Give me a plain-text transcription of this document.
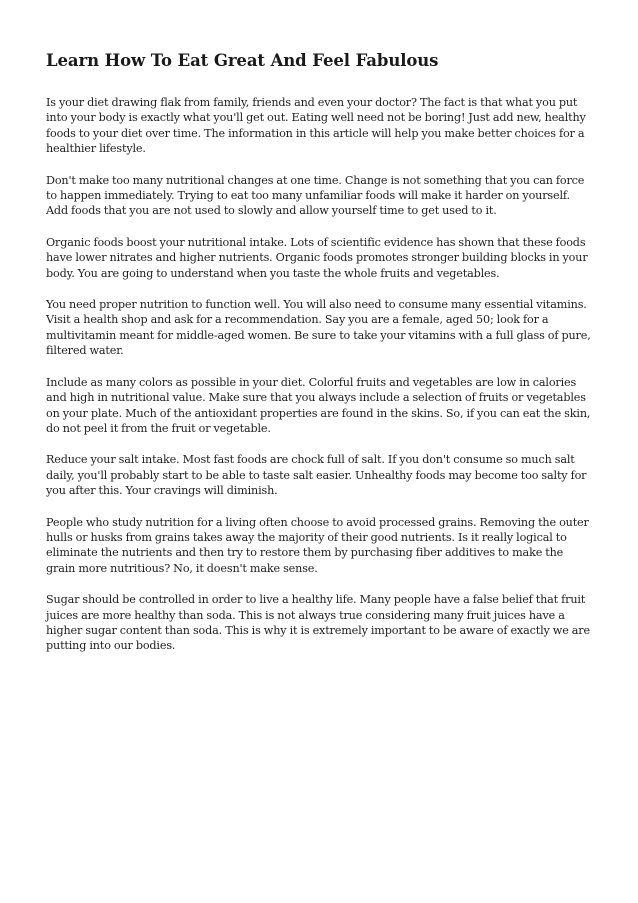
Learn How To Eat Great And Feel Fabulous

Is your diet drawing flak from family, friends and even your doctor? The fact is that what you put into your body is exactly what you'll get out. Eating well need not be boring! Just add new, healthy foods to your diet over time. The information in this article will help you make better choices for a healthier lifestyle.

Don't make too many nutritional changes at one time. Change is not something that you can force to happen immediately. Trying to eat too many unfamiliar foods will make it harder on yourself. Add foods that you are not used to slowly and allow yourself time to get used to it.

Organic foods boost your nutritional intake. Lots of scientific evidence has shown that these foods have lower nitrates and higher nutrients. Organic foods promotes stronger building blocks in your body. You are going to understand when you taste the whole fruits and vegetables.

You need proper nutrition to function well. You will also need to consume many essential vitamins. Visit a health shop and ask for a recommendation. Say you are a female, aged 50; look for a multivitamin meant for middle-aged women. Be sure to take your vitamins with a full glass of pure, filtered water.

Include as many colors as possible in your diet. Colorful fruits and vegetables are low in calories and high in nutritional value. Make sure that you always include a selection of fruits or vegetables on your plate. Much of the antioxidant properties are found in the skins. So, if you can eat the skin, do not peel it from the fruit or vegetable.

Reduce your salt intake. Most fast foods are chock full of salt. If you don't consume so much salt daily, you'll probably start to be able to taste salt easier. Unhealthy foods may become too salty for you after this. Your cravings will diminish.

People who study nutrition for a living often choose to avoid processed grains. Removing the outer hulls or husks from grains takes away the majority of their good nutrients. Is it really logical to eliminate the nutrients and then try to restore them by purchasing fiber additives to make the grain more nutritious? No, it doesn't make sense.

Sugar should be controlled in order to live a healthy life. Many people have a false belief that fruit juices are more healthy than soda. This is not always true considering many fruit juices have a higher sugar content than soda. This is why it is extremely important to be aware of exactly we are putting into our bodies.
